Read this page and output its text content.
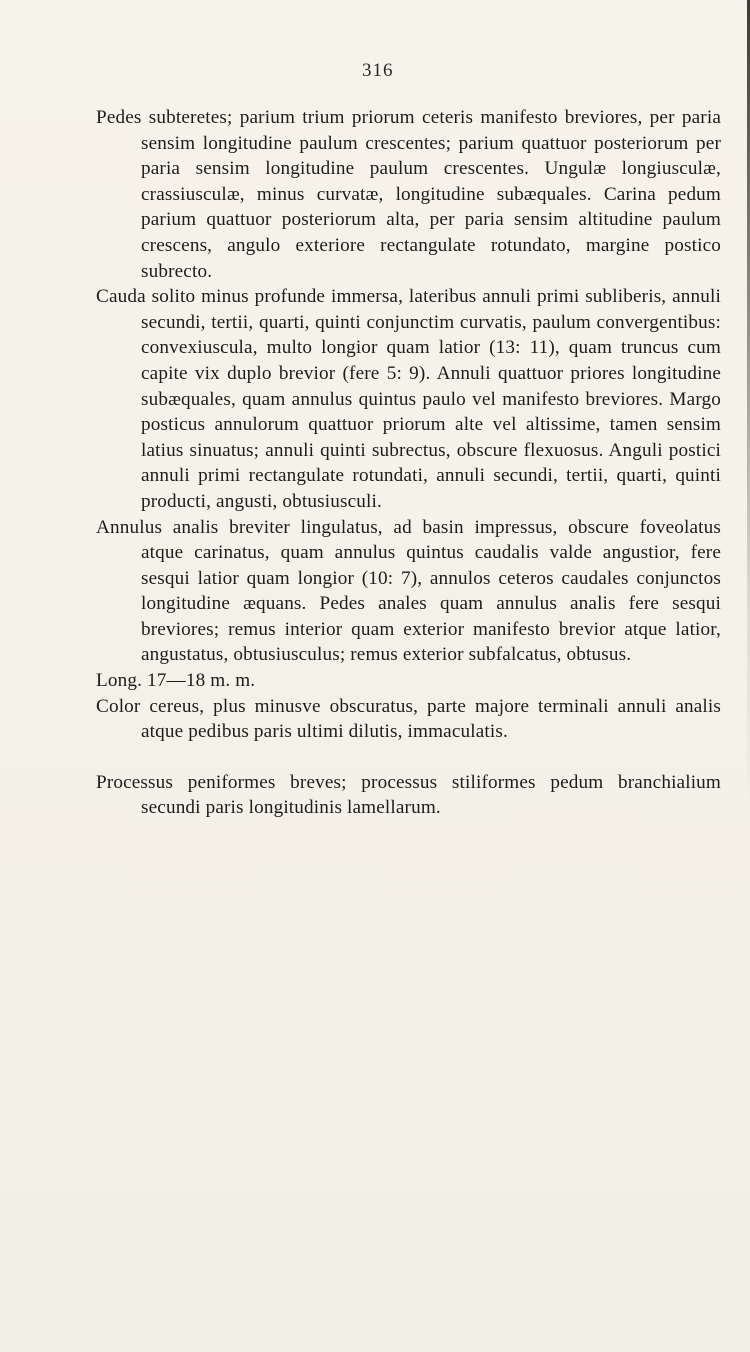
316

Pedes subteretes; parium trium priorum ceteris manifesto breviores, per paria sensim longitudine paulum crescentes; parium quattuor posteriorum per paria sensim longitudine paulum crescentes. Ungulæ longiusculæ, crassiusculæ, minus curvatæ, longitudine subæquales. Carina pedum parium quattuor posteriorum alta, per paria sensim altitudine paulum crescens, angulo exteriore rectangulate rotundato, margine postico subrecto.

Cauda solito minus profunde immersa, lateribus annuli primi subliberis, annuli secundi, tertii, quarti, quinti conjunctim curvatis, paulum convergentibus: convexiuscula, multo longior quam latior (13: 11), quam truncus cum capite vix duplo brevior (fere 5: 9). Annuli quattuor priores longitudine subæquales, quam annulus quintus paulo vel manifesto breviores. Margo posticus annulorum quattuor priorum alte vel altissime, tamen sensim latius sinuatus; annuli quinti subrectus, obscure flexuosus. Anguli postici annuli primi rectangulate rotundati, annuli secundi, tertii, quarti, quinti producti, angusti, obtusiusculi.

Annulus analis breviter lingulatus, ad basin impressus, obscure foveolatus atque carinatus, quam annulus quintus caudalis valde angustior, fere sesqui latior quam longior (10: 7), annulos ceteros caudales conjunctos longitudine æquans. Pedes anales quam annulus analis fere sesqui breviores; remus interior quam exterior manifesto brevior atque latior, angustatus, obtusiusculus; remus exterior subfalcatus, obtusus.

Long. 17—18 m. m.

Color cereus, plus minusve obscuratus, parte majore terminali annuli analis atque pedibus paris ultimi dilutis, immaculatis.

Processus peniformes breves; processus stiliformes pedum branchialium secundi paris longitudinis lamellarum.
